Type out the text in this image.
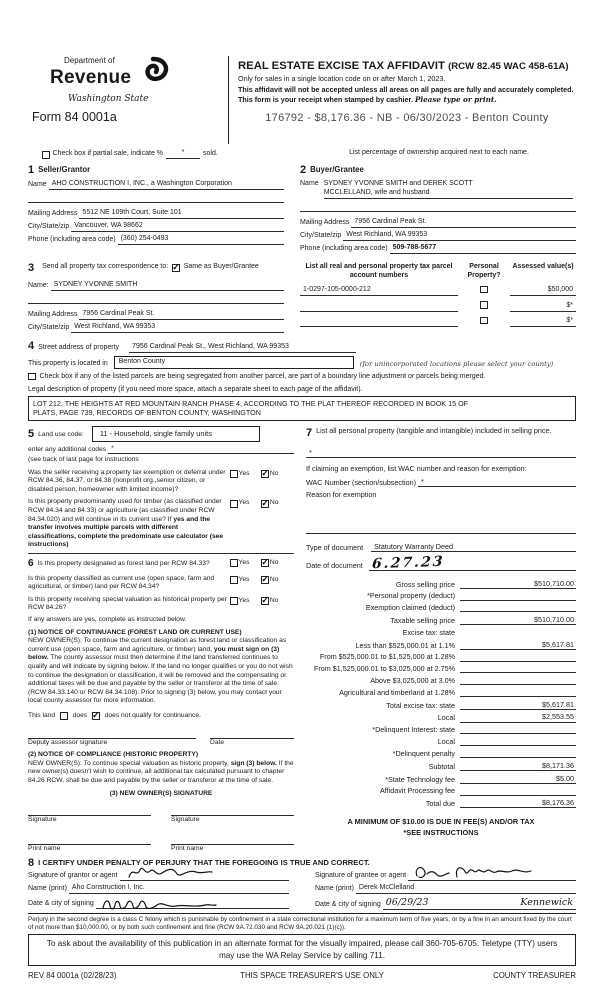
Department of
Revenue
Washington State
Form 84 0001a
REAL ESTATE EXCISE TAX AFFIDAVIT (RCW 82.45 WAC 458-61A)
Only for sales in a single location code on or after March 1, 2023.
This affidavit will not be accepted unless all areas on all pages are fully and accurately completed.
This form is your receipt when stamped by cashier. Please type or print.
176792 - $8,176.36 - NB - 06/30/2023 - Benton County
Check box if partial sale, indicate %	*	sold.	List percentage of ownership acquired next to each name.
1 Seller/Grantor
Name AHO CONSTRUCTION I, INC., a Washington Corporation
Mailing Address 5512 NE 109th Court, Suite 101
City/State/zip Vancouver, WA 98662
Phone (including area code) (360) 254-0493
2 Buyer/Grantee
Name SYDNEY YVONNE SMITH and DEREK SCOTT

MCCLELLAND, wife and husband
Mailing Address 7956 Cardinal Peak St.
City/State/zip West Richland, WA 99353
Phone (including area code) 509-788-5677
3 Send all property tax correspondence to: ✓ Same as Buyer/Grantee
Name: SYDNEY YVONNE SMITH
Mailing Address 7956 Cardinal Peak St.
City/State/zip West Richland, WA 99353
List all real and personal property tax parcel account numbers
Personal Property?
Assessed value(s)
1-0297-105-0000-212	$50,000
$*
$*
4 Street address of property	7956 Cardinal Peak St., West Richland, WA 99353
This property is located in	Benton County	(for unincorporated locations please select your county)
Check box if any of the listed parcels are being segregated from another parcel, are part of a boundary line adjustment or parcels being merged.
Legal description of property (if you need more space, attach a separate sheet to each page of the affidavit).
LOT 212, THE HEIGHTS AT RED MOUNTAIN RANCH PHASE 4, ACCORDING TO THE PLAT THEREOF RECORDED IN BOOK 15 OF
PLATS, PAGE 739, RECORDS OF BENTON COUNTY, WASHINGTON
5 Land use code:	11 - Household, single family units
enter any additional codes *
(see back of last page for instructions
Was the seller receiving a property tax exemption or deferral under RCW 84.36, 84.37, or 84.38 (nonprofit org.,senior citizen, or disabled person, homeowner with limited income)?
Yes ✓	No
Is this property predominantly used for timber (as classified under RCW 84.34 and 84.33) or agriculture (as classified under RCW 84.34.020) and will continue in its current use? If yes and the transfer involves multiple parcels with different classifications, complete the predominate use calculator (see instructions)
Yes ✓	No
6 Is this property designated as forest land per RCW 84.33?	Yes ✓	No
Is this property classified as current use (open space, farm and agricultural, or timber) land per RCW 84.34?
Yes ✓	No
Is this property receiving special valuation as historical property per RCW 84.26?
Yes ✓	No
If any answers are yes, complete as instructed below.
(1) NOTICE OF CONTINUANCE (FOREST LAND OR CURRENT USE)
NEW OWNER(S): To continue the current designation as forest land or classification as current use (open space, farm and agriculture, or timber) land, you must sign on (3) below. The county assessor must then determine if the land transferred continues to qualify and will indicate by signing below. If the land no longer qualifies or you do not wish to continue the designation or classification, it will be removed and the compensating or additional taxes will be due and payable by the seller or transferor at the time of sale. (RCW 84.33.140 or RCW 84.34.108). Prior to signing (3) below, you may contact your local county assessor for more information.
This land	does ✓	does not qualify for continuance.
Deputy assessor signature	Date
(2) NOTICE OF COMPLIANCE (HISTORIC PROPERTY)
NEW OWNER(S): To continue special valuation as historic property, sign (3) below. If the new owner(s) doesn't wish to continue, all additional tax calculated pursuant to chapter 84.26 RCW, shall be due and payable by the seller or transferor at the time of sale.
(3) NEW OWNER(S) SIGNATURE
Signature	Signature
Print name	Print name
7 List all personal property (tangible and intangible) included in selling price.
*
If claiming an exemption, list WAC number and reason for exemption:
WAC Number (section/subsection) *
Reason for exemption
Type of document	Statutory Warranty Deed
Date of document 6.27.23
Gross selling price	$510,710.00
*Personal property (deduct)
Exemption claimed (deduct)
Taxable selling price	$510,710.00
Excise tax: state
Less than $525,000.01 at 1.1%	$5,617.81
From $525,000.01 to $1,525,000 at 1.28%
From $1,525,000.01 to $3,025,000 at 2.75%
Above $3,025,000 at 3.0%
Agricultural and timberland at 1.28%
Total excise tax: state	$5,617.81
Local	$2,553.55
*Delinquent Interest: state
Local
*Delinquent penalty
Subtotal	$8,171.36
*State Technology fee	$5.00
Affidavit Processing fee
Total due	$8,176.36
A MINIMUM OF $10.00 IS DUE IN FEE(S) AND/OR TAX
*SEE INSTRUCTIONS
8 I CERTIFY UNDER PENALTY OF PERJURY THAT THE FOREGOING IS TRUE AND CORRECT.
Signature of grantor or agent
Name (print) Aho Construction I, Inc.
Date & city of signing
Signature of grantee or agent
Name (print) Derek McClelland
Date & city of signing 06/29/23	Kennewick
Perjury in the second degree is a class C felony which is punishable by confinement in a state correctional institution for a maximum term of five years, or by a fine in an amount fixed by the court of not more than $10,000.00, or by both such confinement and fine (RCW 9A.72.030 and RCW 9A.20.021 (1)(c)).
To ask about the availability of this publication in an alternate format for the visually impaired, please call 360-705-6705. Teletype (TTY) users may use the WA Relay Service by calling 711.
REV 84 0001a (02/28/23)	THIS SPACE TREASURER'S USE ONLY	COUNTY TREASURER
